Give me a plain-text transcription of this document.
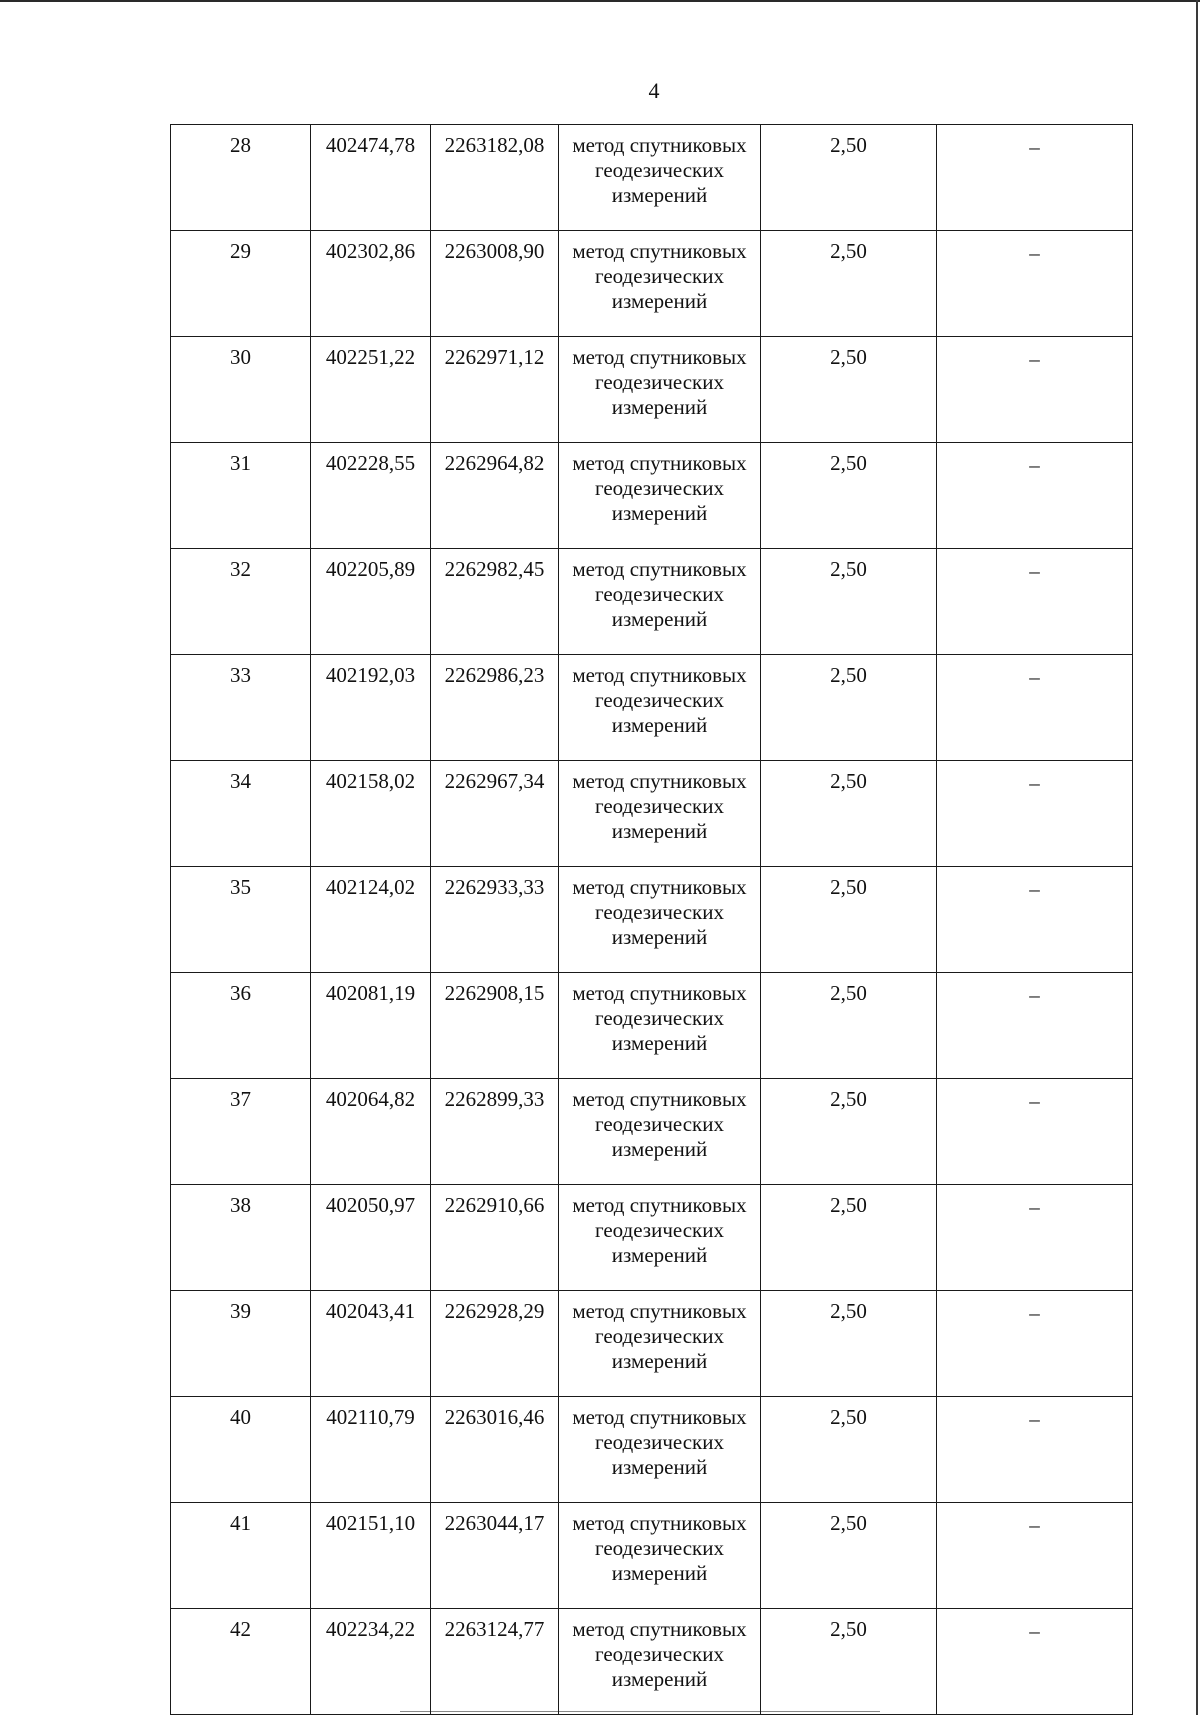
4
28	402474,78	2263182,08	метод спутниковых геодезических измерений	2,50	–
29	402302,86	2263008,90	метод спутниковых геодезических измерений	2,50	–
30	402251,22	2262971,12	метод спутниковых геодезических измерений	2,50	–
31	402228,55	2262964,82	метод спутниковых геодезических измерений	2,50	–
32	402205,89	2262982,45	метод спутниковых геодезических измерений	2,50	–
33	402192,03	2262986,23	метод спутниковых геодезических измерений	2,50	–
34	402158,02	2262967,34	метод спутниковых геодезических измерений	2,50	–
35	402124,02	2262933,33	метод спутниковых геодезических измерений	2,50	–
36	402081,19	2262908,15	метод спутниковых геодезических измерений	2,50	–
37	402064,82	2262899,33	метод спутниковых геодезических измерений	2,50	–
38	402050,97	2262910,66	метод спутниковых геодезических измерений	2,50	–
39	402043,41	2262928,29	метод спутниковых геодезических измерений	2,50	–
40	402110,79	2263016,46	метод спутниковых геодезических измерений	2,50	–
41	402151,10	2263044,17	метод спутниковых геодезических измерений	2,50	–
42	402234,22	2263124,77	метод спутниковых геодезических измерений	2,50	–
